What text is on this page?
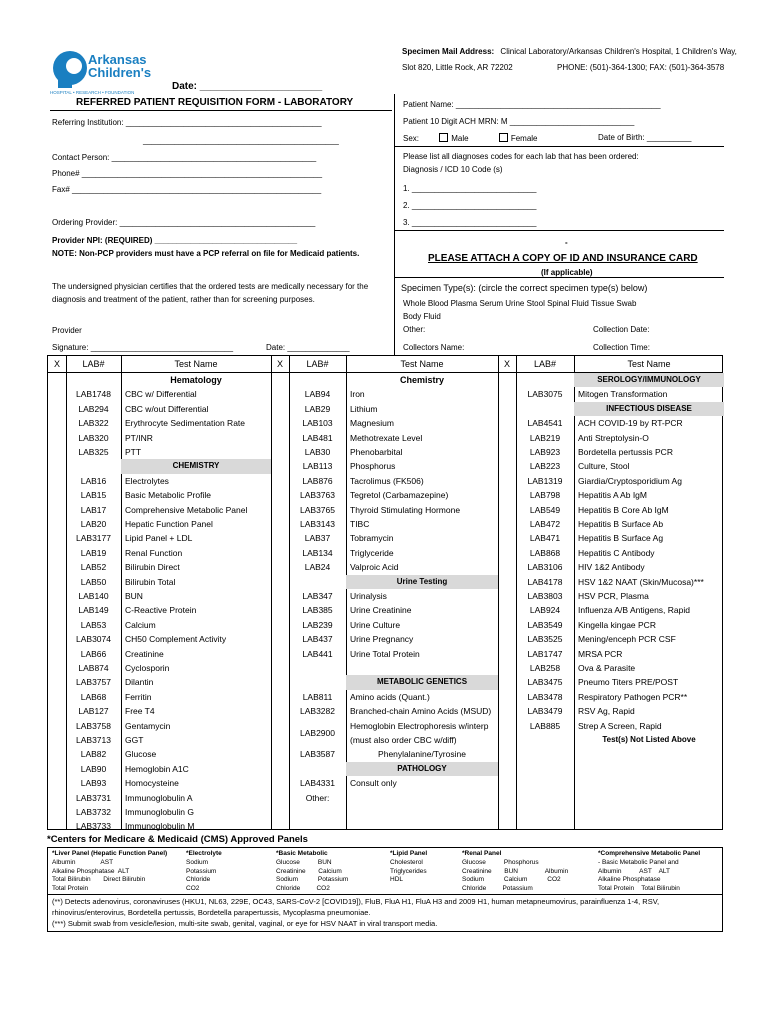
Arkansas
Children's
HOSPITAL • RESEARCH • FOUNDATION
Specimen Mail Address: Clinical Laboratory/Arkansas Children's Hospital, 1 Children's Way,
Slot 820, Little Rock, AR 72202	PHONE: (501)-364-1300; FAX: (501)-364-3578
Date: ______________________
REFERRED PATIENT REQUISITION FORM - LABORATORY
Referring Institution: ____________________________________________
____________________________________________
Contact Person: ______________________________________________
Phone# ______________________________________________________
Fax# ________________________________________________________
Ordering Provider: ____________________________________________
Provider NPI: (REQUIRED) ________________________________
NOTE: Non-PCP providers must have a PCP referral on file for Medicaid patients.
The undersigned physician certifies that the ordered tests are medically necessary for the diagnosis and treatment of the patient, rather than for screening purposes.
Provider
Signature: ________________________________	Date: ______________
Patient Name: ______________________________________________
Patient 10 Digit ACH MRN: M ____________________________
Sex:	Male	Female	Date of Birth: __________
Please list all diagnoses codes for each lab that has been ordered:
Diagnosis / ICD 10 Code (s)
1. ____________________________
2. ____________________________
3. ____________________________
-
PLEASE ATTACH A COPY OF ID AND INSURANCE CARD
(If applicable)
Specimen Type(s): (circle the correct specimen type(s) below)
Whole Blood Plasma Serum Urine Stool Spinal Fluid Tissue Swab
Body Fluid
Other:	Collection Date:
Collectors Name:	Collection Time:
X	LAB#	Test Name	X	LAB#	Test Name	X	LAB#	Test Name
Hematology
LAB1748	CBC w/ Differential
LAB294	CBC w/out Differential
LAB322	Erythrocyte Sedimentation Rate
LAB320	PT/INR
LAB325	PTT
CHEMISTRY
LAB16	Electrolytes
LAB15	Basic Metabolic Profile
LAB17	Comprehensive Metabolic Panel
LAB20	Hepatic Function Panel
LAB3177	Lipid Panel + LDL
LAB19	Renal Function
LAB52	Bilirubin Direct
LAB50	Bilirubin Total
LAB140	BUN
LAB149	C-Reactive Protein
LAB53	Calcium
LAB3074	CH50 Complement Activity
LAB66	Creatinine
LAB874	Cyclosporin
LAB3757	Dilantin
LAB68	Ferritin
LAB127	Free T4
LAB3758	Gentamycin
LAB3713	GGT
LAB82	Glucose
LAB90	Hemoglobin A1C
LAB93	Homocysteine
LAB3731	Immunoglobulin A
LAB3732	Immunoglobulin G
LAB3733	Immunoglobulin M
Chemistry
LAB94	Iron
LAB29	Lithium
LAB103	Magnesium
LAB481	Methotrexate Level
LAB30	Phenobarbital
LAB113	Phosphorus
LAB876	Tacrolimus (FK506)
LAB3763	Tegretol (Carbamazepine)
LAB3765	Thyroid Stimulating Hormone
LAB3143	TIBC
LAB37	Tobramycin
LAB134	Triglyceride
LAB24	Valproic Acid
Urine Testing
LAB347	Urinalysis
LAB385	Urine Creatinine
LAB239	Urine Culture
LAB437	Urine Pregnancy
LAB441	Urine Total Protein
METABOLIC GENETICS
LAB811	Amino acids (Quant.)
LAB3282	Branched-chain Amino Acids (MSUD)
LAB2900
Hemoglobin Electrophoresis w/interp
(must also order CBC w/diff)
LAB3587	Phenylalanine/Tyrosine
PATHOLOGY
LAB4331	Consult only
Other:
SEROLOGY/IMMUNOLOGY
LAB3075	Mitogen Transformation
INFECTIOUS DISEASE
LAB4541	ACH COVID-19 by RT-PCR
LAB219	Anti Streptolysin-O
LAB923	Bordetella pertussis PCR
LAB223	Culture, Stool
LAB1319	Giardia/Cryptosporidium Ag
LAB798	Hepatitis A Ab IgM
LAB549	Hepatitis B Core Ab IgM
LAB472	Hepatitis B Surface Ab
LAB471	Hepatitis B Surface Ag
LAB868	Hepatitis C Antibody
LAB3106	HIV 1&2 Antibody
LAB4178	HSV 1&2 NAAT (Skin/Mucosa)***
LAB3803	HSV PCR, Plasma
LAB924	Influenza A/B Antigens, Rapid
LAB3549	Kingella kingae PCR
LAB3525	Mening/enceph PCR CSF
LAB1747	MRSA PCR
LAB258	Ova & Parasite
LAB3475	Pneumo Titers PRE/POST
LAB3478	Respiratory Pathogen PCR**
LAB3479	RSV Ag, Rapid
LAB885	Strep A Screen, Rapid
Test(s) Not Listed Above
*Centers for Medicare & Medicaid (CMS) Approved Panels
*Liver Panel (Hepatic Function Panel)
Albumin              AST
Alkaline Phosphatase  ALT
Total Bilirubin       Direct Bilirubin
Total Protein
*Electrolyte
Sodium
Potassium
Chloride
CO2
*Basic Metabolic
Glucose          BUN
Creatinine       Calcium
Sodium           Potassium
Chloride         CO2
*Lipid Panel
Cholesterol
Triglycerides
HDL
*Renal Panel
Glucose          Phosphorus
Creatinine       BUN               Albumin
Sodium           Calcium           CO2
Chloride         Potassium
*Comprehensive Metabolic Panel
- Basic Metabolic Panel and
Albumin          AST    ALT
Alkaline Phosphatase
Total Protein    Total Bilirubin
(**) Detects adenovirus, coronaviruses (HKU1, NL63, 229E, OC43, SARS-CoV-2 [COVID19]), FluB, FluA H1, FluA H3 and 2009 H1, human metapneumovirus, parainfluenza 1-4, RSV,
rhinovirus/enterovirus, Bordetella pertussis, Bordetella parapertussis, Mycoplasma pneumoniae.
(***) Submit swab from vesicle/lesion, multi-site swab, genital, vaginal, or eye for HSV NAAT in viral transport media.
